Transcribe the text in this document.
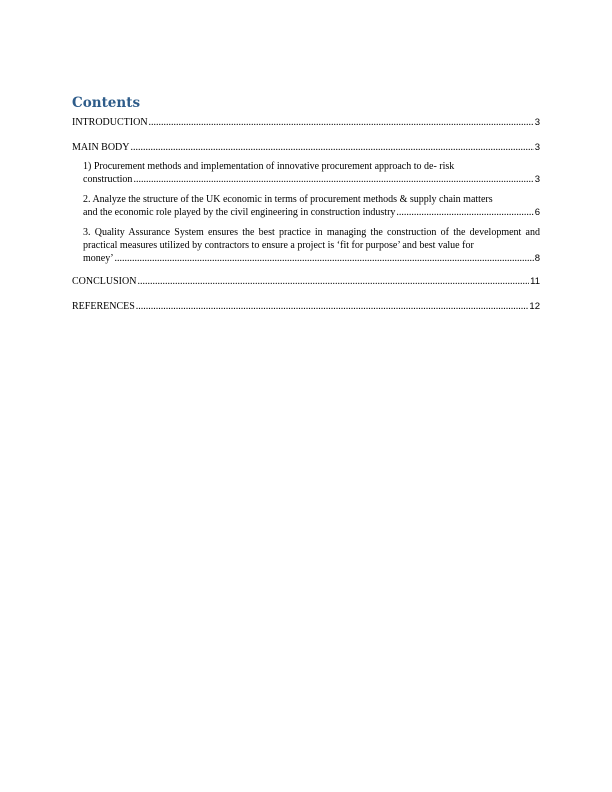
Contents
INTRODUCTION .....	3
MAIN BODY .....	3
1) Procurement methods and implementation of innovative procurement approach to de- risk
construction .....	3
2. Analyze the structure of the UK economic in terms of procurement methods & supply chain matters
and the economic role played by the civil engineering in construction industry .....	6
3. Quality Assurance System ensures the best practice in managing the construction of the development and practical measures utilized by contractors to ensure a project is ‘fit for purpose’ and best value for
money’ .....	8
CONCLUSION .....	11
REFERENCES .....	12
